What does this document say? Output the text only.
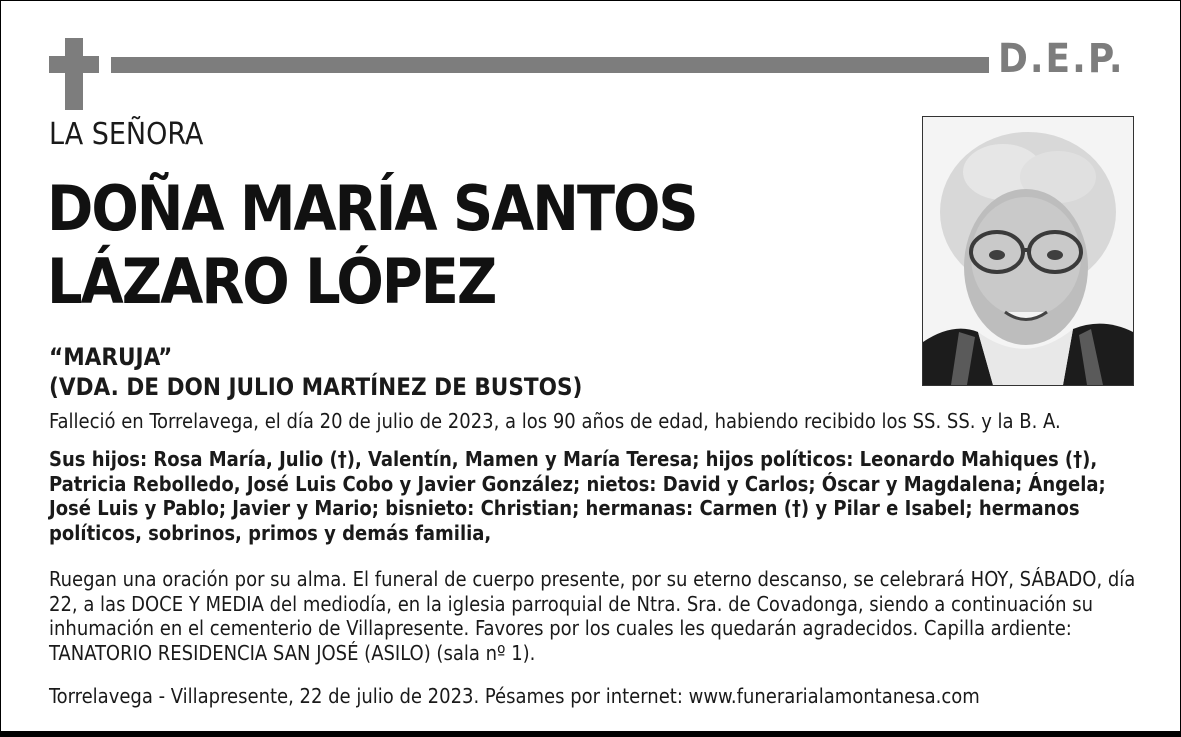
D.E.P.
LA SEÑORA
DOÑA MARÍA SANTOS
LÁZARO LÓPEZ
“MARUJA”
(VDA. DE DON JULIO MARTÍNEZ DE BUSTOS)
Falleció en Torrelavega, el día 20 de julio de 2023, a los 90 años de edad, habiendo recibido los SS. SS. y la B. A.
Sus hijos: Rosa María, Julio (†), Valentín, Mamen y María Teresa; hijos políticos: Leonardo Mahiques (†), Patricia Rebolledo, José Luis Cobo y Javier González; nietos: David y Carlos; Óscar y Magdalena; Ángela; José Luis y Pablo; Javier y Mario; bisnieto: Christian; hermanas: Carmen (†) y Pilar e Isabel; hermanos políticos, sobrinos, primos y demás familia,
Ruegan una oración por su alma. El funeral de cuerpo presente, por su eterno descanso, se celebrará HOY, SÁBADO, día 22, a las DOCE Y MEDIA del mediodía, en la iglesia parroquial de Ntra. Sra. de Covadonga, siendo a continuación su inhumación en el cementerio de Villapresente. Favores por los cuales les quedarán agradecidos. Capilla ardiente: TANATORIO RESIDENCIA SAN JOSÉ (ASILO) (sala nº 1).
Torrelavega - Villapresente, 22 de julio de 2023. Pésames por internet: www.funerarialamontanesa.com
